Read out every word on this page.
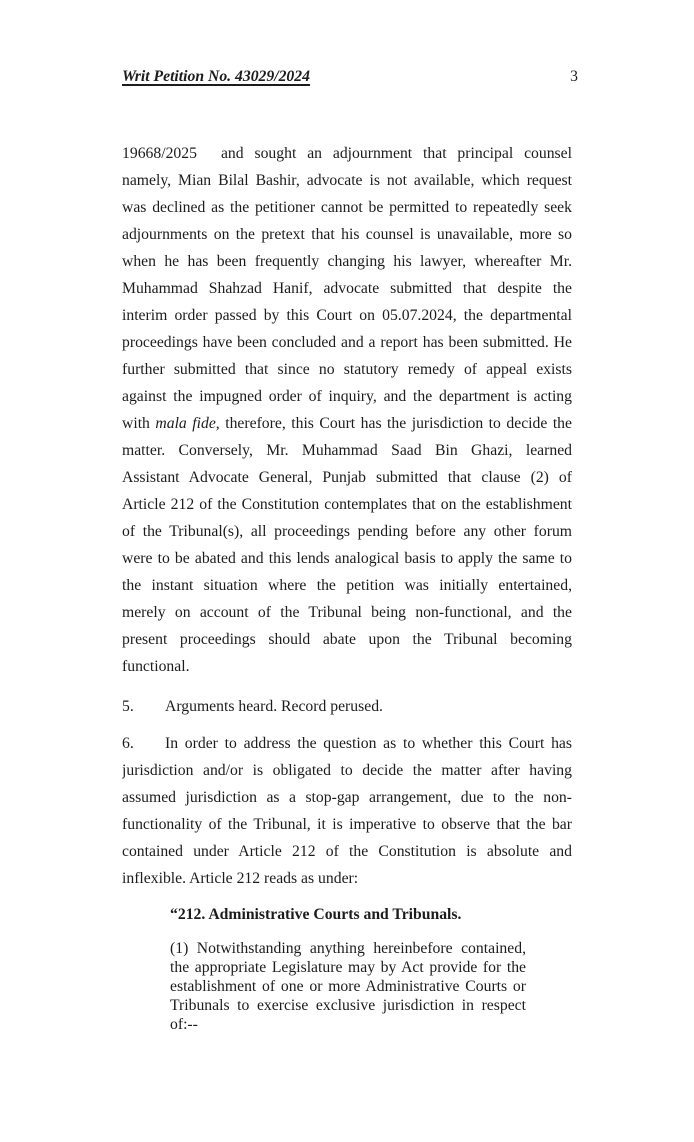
Writ Petition No. 43029/2024	3
19668/2025 and sought an adjournment that principal counsel
namely, Mian Bilal Bashir, advocate is not available, which request
was declined as the petitioner cannot be permitted to repeatedly seek
adjournments on the pretext that his counsel is unavailable, more so
when he has been frequently changing his lawyer, whereafter Mr.
Muhammad Shahzad Hanif, advocate submitted that despite the
interim order passed by this Court on 05.07.2024, the departmental
proceedings have been concluded and a report has been submitted. He
further submitted that since no statutory remedy of appeal exists
against the impugned order of inquiry, and the department is acting
with mala fide, therefore, this Court has the jurisdiction to decide the
matter. Conversely, Mr. Muhammad Saad Bin Ghazi, learned
Assistant Advocate General, Punjab submitted that clause (2) of
Article 212 of the Constitution contemplates that on the establishment
of the Tribunal(s), all proceedings pending before any other forum
were to be abated and this lends analogical basis to apply the same to
the instant situation where the petition was initially entertained,
merely on account of the Tribunal being non-functional, and the
present proceedings should abate upon the Tribunal becoming
functional.
5. Arguments heard. Record perused.
6. In order to address the question as to whether this Court has
jurisdiction and/or is obligated to decide the matter after having
assumed jurisdiction as a stop-gap arrangement, due to the non-
functionality of the Tribunal, it is imperative to observe that the bar
contained under Article 212 of the Constitution is absolute and
inflexible. Article 212 reads as under:
“212. Administrative Courts and Tribunals.
(1) Notwithstanding anything hereinbefore contained,
the appropriate Legislature may by Act provide for the
establishment of one or more Administrative Courts or
Tribunals to exercise exclusive jurisdiction in respect
of:--
